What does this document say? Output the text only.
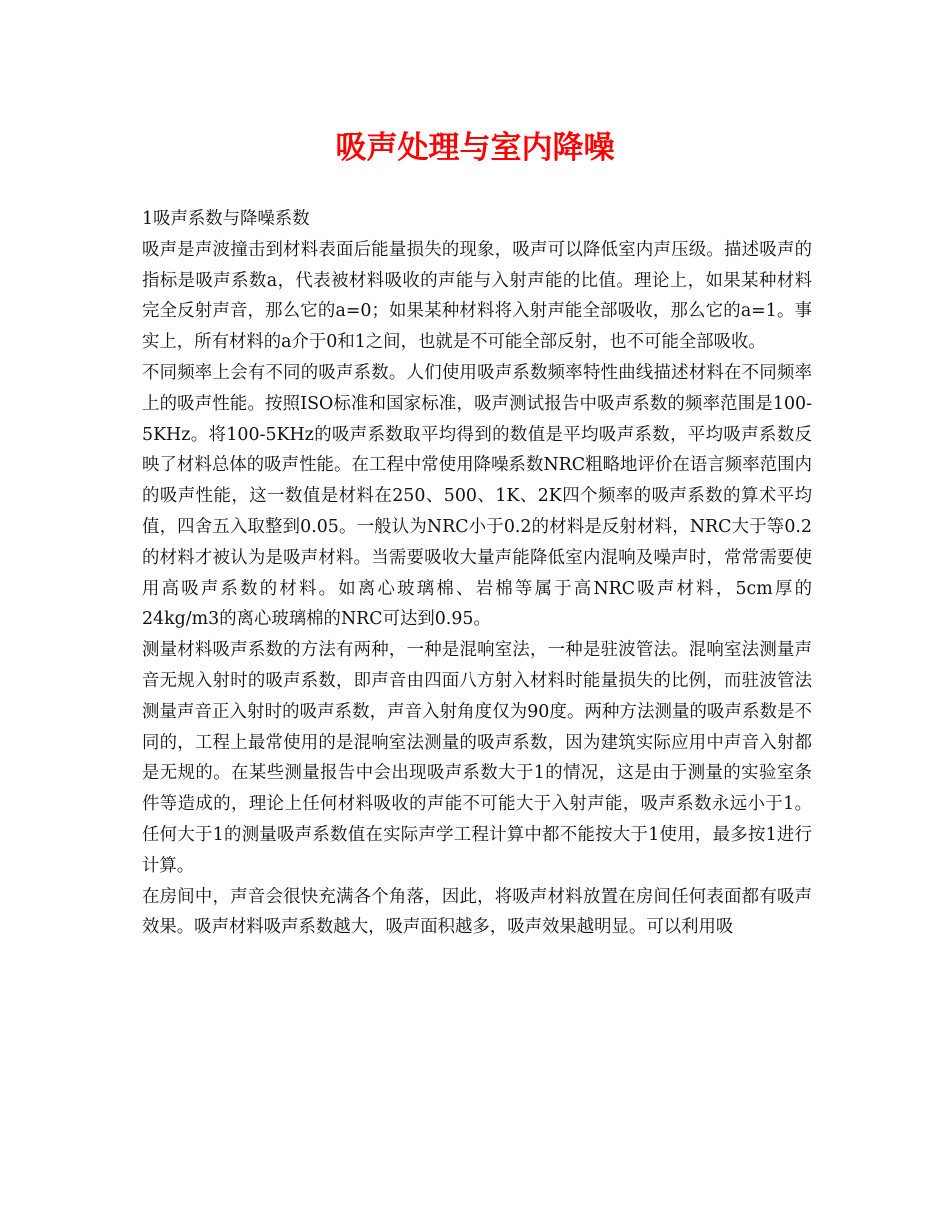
吸声处理与室内降噪

1吸声系数与降噪系数

吸声是声波撞击到材料表面后能量损失的现象，吸声可以降低室内声压级。描述吸声的指标是吸声系数a，代表被材料吸收的声能与入射声能的比值。理论上，如果某种材料完全反射声音，那么它的a=0；如果某种材料将入射声能全部吸收，那么它的a=1。事实上，所有材料的a介于0和1之间，也就是不可能全部反射，也不可能全部吸收。

不同频率上会有不同的吸声系数。人们使用吸声系数频率特性曲线描述材料在不同频率上的吸声性能。按照ISO标准和国家标准，吸声测试报告中吸声系数的频率范围是100-5KHz。将100-5KHz的吸声系数取平均得到的数值是平均吸声系数，平均吸声系数反映了材料总体的吸声性能。在工程中常使用降噪系数NRC粗略地评价在语言频率范围内的吸声性能，这一数值是材料在250、500、1K、2K四个频率的吸声系数的算术平均值，四舍五入取整到0.05。一般认为NRC小于0.2的材料是反射材料，NRC大于等0.2的材料才被认为是吸声材料。当需要吸收大量声能降低室内混响及噪声时，常常需要使用高吸声系数的材料。如离心玻璃棉、岩棉等属于高NRC吸声材料，5cm厚的24kg/m3的离心玻璃棉的NRC可达到0.95。

测量材料吸声系数的方法有两种，一种是混响室法，一种是驻波管法。混响室法测量声音无规入射时的吸声系数，即声音由四面八方射入材料时能量损失的比例，而驻波管法测量声音正入射时的吸声系数，声音入射角度仅为90度。两种方法测量的吸声系数是不同的，工程上最常使用的是混响室法测量的吸声系数，因为建筑实际应用中声音入射都是无规的。在某些测量报告中会出现吸声系数大于1的情况，这是由于测量的实验室条件等造成的，理论上任何材料吸收的声能不可能大于入射声能，吸声系数永远小于1。任何大于1的测量吸声系数值在实际声学工程计算中都不能按大于1使用，最多按1进行计算。

在房间中，声音会很快充满各个角落，因此，将吸声材料放置在房间任何表面都有吸声效果。吸声材料吸声系数越大，吸声面积越多，吸声效果越明显。可以利用吸
